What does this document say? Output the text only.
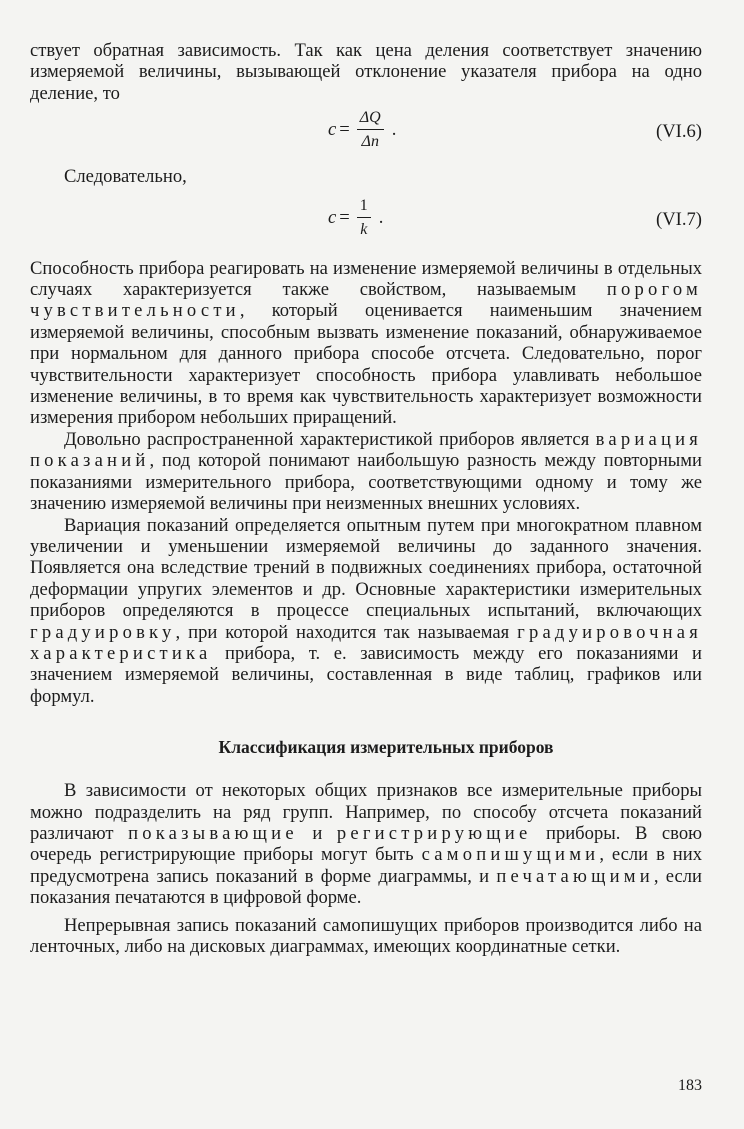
ствует обратная зависимость. Так как цена деления соответствует значению измеряемой величины, вызывающей отклонение указателя прибора на одно деление, то

$c = \frac{\Delta Q}{\Delta n}$ .	(VI.6)

Следовательно,

$c = \frac{1}{k}$ .	(VI.7)

Способность прибора реагировать на изменение измеряемой величины в отдельных случаях характеризуется также свойством, называемым порогом чувствительности, который оценивается наименьшим значением измеряемой величины, способным вызвать изменение показаний, обнаруживаемое при нормальном для данного прибора способе отсчета. Следовательно, порог чувствительности характеризует способность прибора улавливать небольшое изменение величины, в то время как чувствительность характеризует возможности измерения прибором небольших приращений.

Довольно распространенной характеристикой приборов является вариация показаний, под которой понимают наибольшую разность между повторными показаниями измерительного прибора, соответствующими одному и тому же значению измеряемой величины при неизменных внешних условиях.

Вариация показаний определяется опытным путем при многократном плавном увеличении и уменьшении измеряемой величины до заданного значения. Появляется она вследствие трений в подвижных соединениях прибора, остаточной деформации упругих элементов и др. Основные характеристики измерительных приборов определяются в процессе специальных испытаний, включающих градуировку, при которой находится так называемая градуировочная характеристика прибора, т. е. зависимость между его показаниями и значением измеряемой величины, составленная в виде таблиц, графиков или формул.

Классификация измерительных приборов

В зависимости от некоторых общих признаков все измерительные приборы можно подразделить на ряд групп. Например, по способу отсчета показаний различают показывающие и регистрирующие приборы. В свою очередь регистрирующие приборы могут быть самопишущими, если в них предусмотрена запись показаний в форме диаграммы, и печатающими, если показания печатаются в цифровой форме.

Непрерывная запись показаний самопишущих приборов производится либо на ленточных, либо на дисковых диаграммах, имеющих координатные сетки.

183
